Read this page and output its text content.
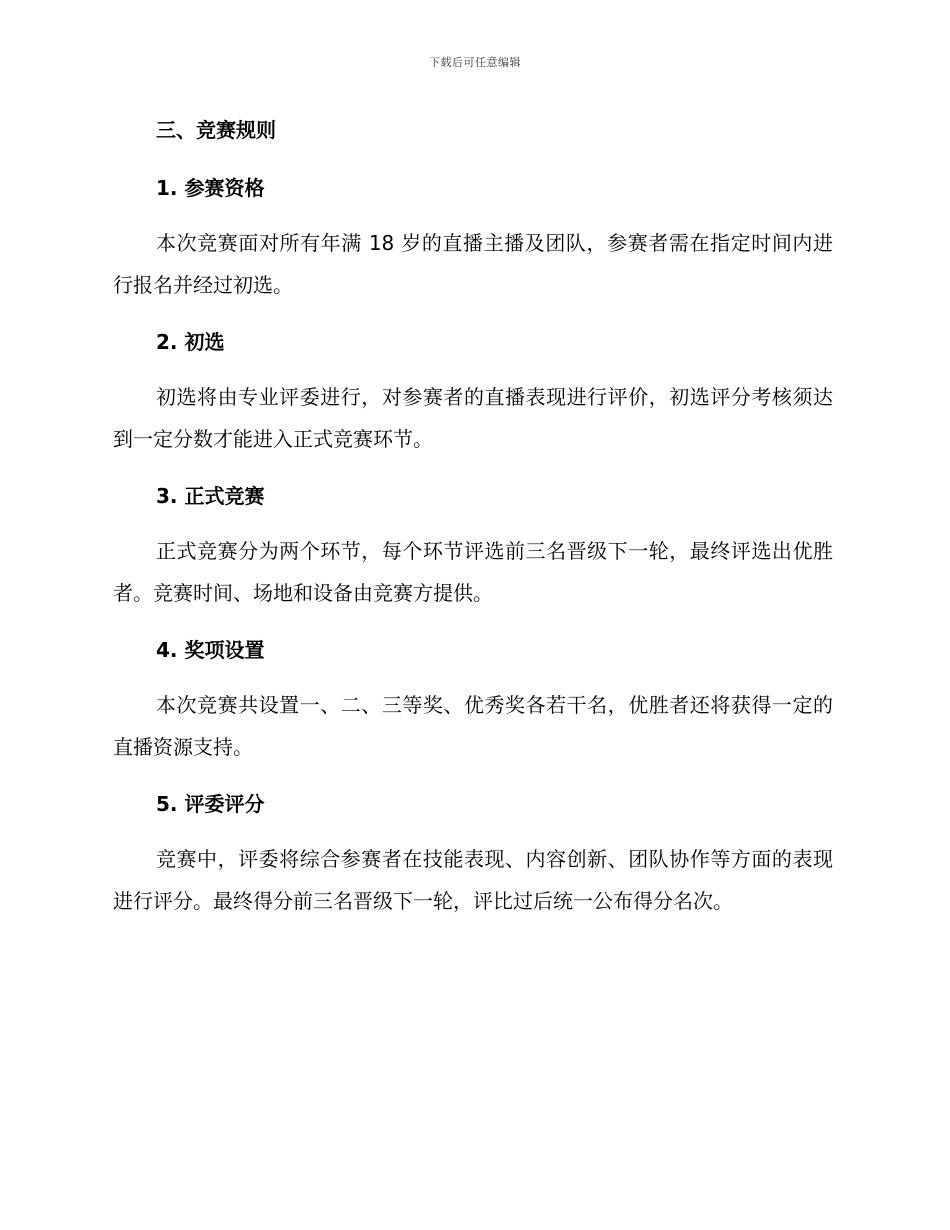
下载后可任意编辑
三、竞赛规则
1. 参赛资格

本次竞赛面对所有年满 18 岁的直播主播及团队，参赛者需在指定时间内进行报名并经过初选。

2. 初选

初选将由专业评委进行，对参赛者的直播表现进行评价，初选评分考核须达到一定分数才能进入正式竞赛环节。

3. 正式竞赛

正式竞赛分为两个环节，每个环节评选前三名晋级下一轮，最终评选出优胜者。竞赛时间、场地和设备由竞赛方提供。

4. 奖项设置

本次竞赛共设置一、二、三等奖、优秀奖各若干名，优胜者还将获得一定的直播资源支持。

5. 评委评分

竞赛中，评委将综合参赛者在技能表现、内容创新、团队协作等方面的表现进行评分。最终得分前三名晋级下一轮，评比过后统一公布得分名次。
